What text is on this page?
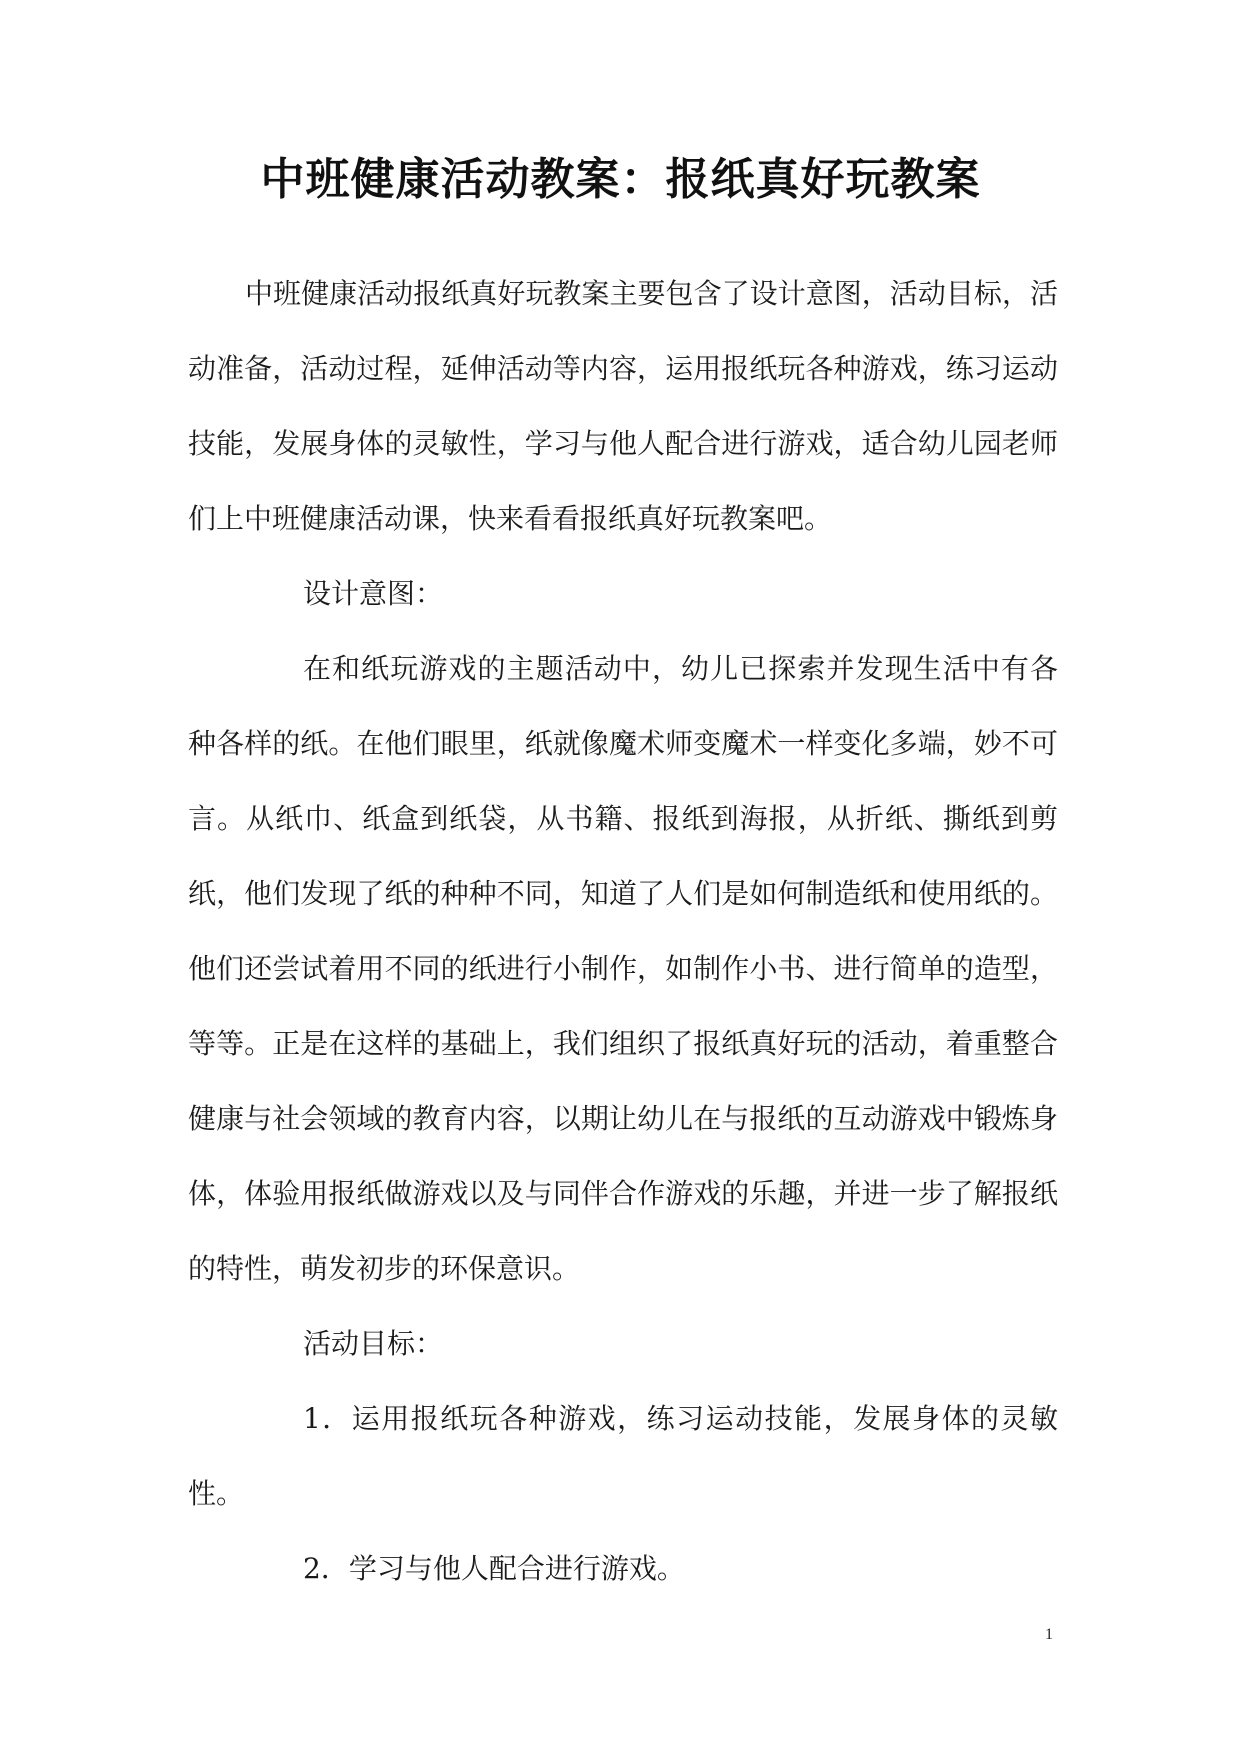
中班健康活动教案：报纸真好玩教案

中班健康活动报纸真好玩教案主要包含了设计意图，活动目标，活动准备，活动过程，延伸活动等内容，运用报纸玩各种游戏，练习运动技能，发展身体的灵敏性，学习与他人配合进行游戏，适合幼儿园老师们上中班健康活动课，快来看看报纸真好玩教案吧。

设计意图：

在和纸玩游戏的主题活动中，幼儿已探索并发现生活中有各种各样的纸。在他们眼里，纸就像魔术师变魔术一样变化多端，妙不可言。从纸巾、纸盒到纸袋，从书籍、报纸到海报，从折纸、撕纸到剪纸，他们发现了纸的种种不同，知道了人们是如何制造纸和使用纸的。他们还尝试着用不同的纸进行小制作，如制作小书、进行简单的造型，等等。正是在这样的基础上，我们组织了报纸真好玩的活动，着重整合健康与社会领域的教育内容，以期让幼儿在与报纸的互动游戏中锻炼身体，体验用报纸做游戏以及与同伴合作游戏的乐趣，并进一步了解报纸的特性，萌发初步的环保意识。

活动目标：

1．运用报纸玩各种游戏，练习运动技能，发展身体的灵敏性。

2．学习与他人配合进行游戏。

1
